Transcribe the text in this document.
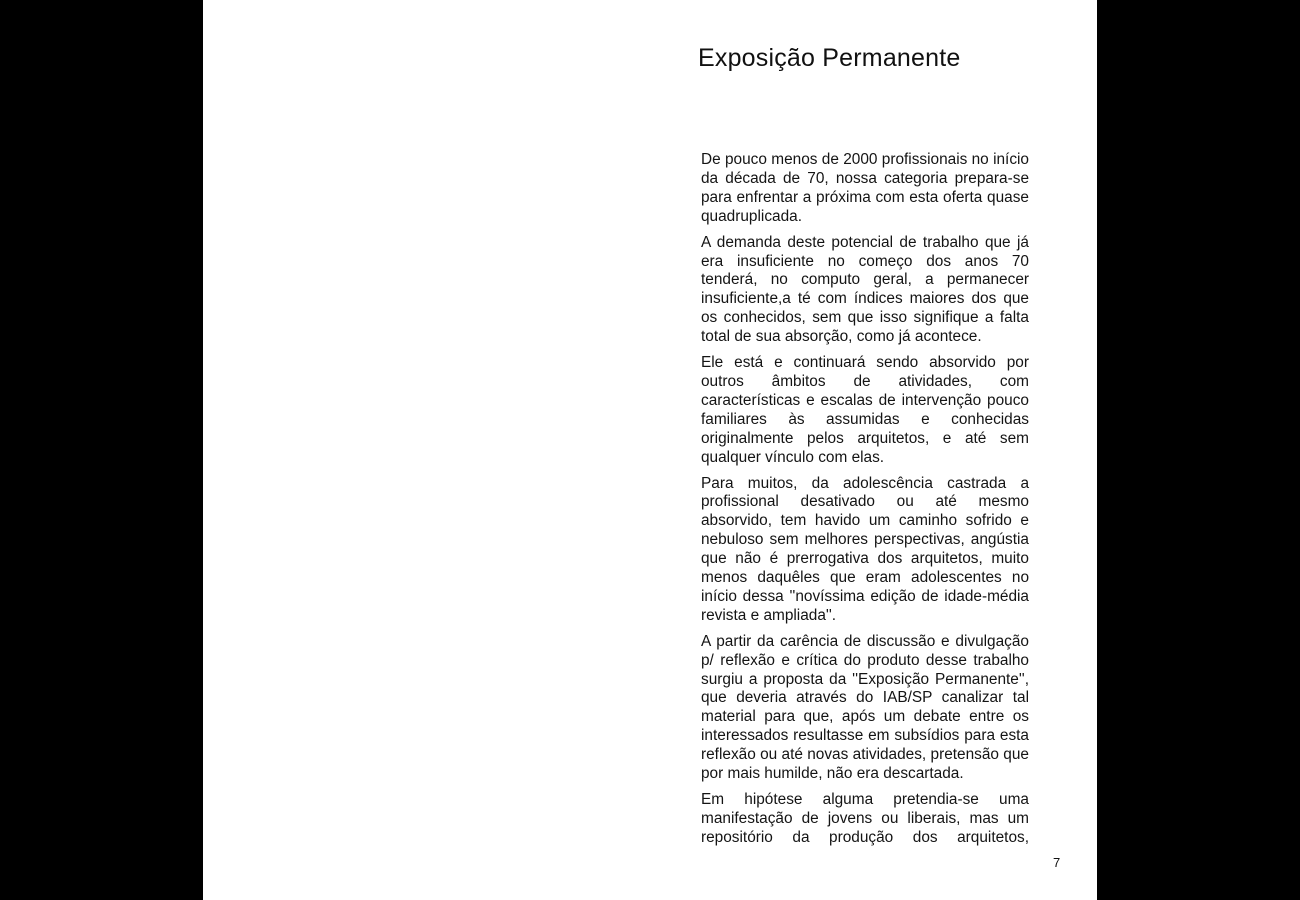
Exposição Permanente

De pouco menos de 2000 profissionais no início da década de 70, nossa categoria prepara-se para enfrentar a próxima com esta oferta quase quadruplicada.

A demanda deste potencial de trabalho que já era insuficiente no começo dos anos 70 tenderá, no computo geral, a permanecer insuficiente,a té com índices maiores dos que os conhecidos, sem que isso signifique a falta total de sua absorção, como já acontece.

Ele está e continuará sendo absorvido por outros âmbitos de atividades, com características e escalas de intervenção pouco familiares às assumidas e conhecidas originalmente pelos arquitetos, e até sem qualquer vínculo com elas.

Para muitos, da adolescência castrada a profissional desativado ou até mesmo absorvido, tem havido um caminho sofrido e nebuloso sem melhores perspectivas, angústia que não é prerrogativa dos arquitetos, muito menos daquêles que eram adolescentes no início dessa ''novíssima edição de idade-média revista e ampliada''.

A partir da carência de discussão e divulgação p/ reflexão e crítica do produto desse trabalho surgiu a proposta da ''Exposição Permanente'', que deveria através do IAB/SP canalizar tal material para que, após um debate entre os interessados resultasse em subsídios para esta reflexão ou até novas atividades, pretensão que por mais humilde, não era descartada.

Em hipótese alguma pretendia-se uma manifestação de jovens ou liberais, mas um repositório da produção dos arquitetos,

7
